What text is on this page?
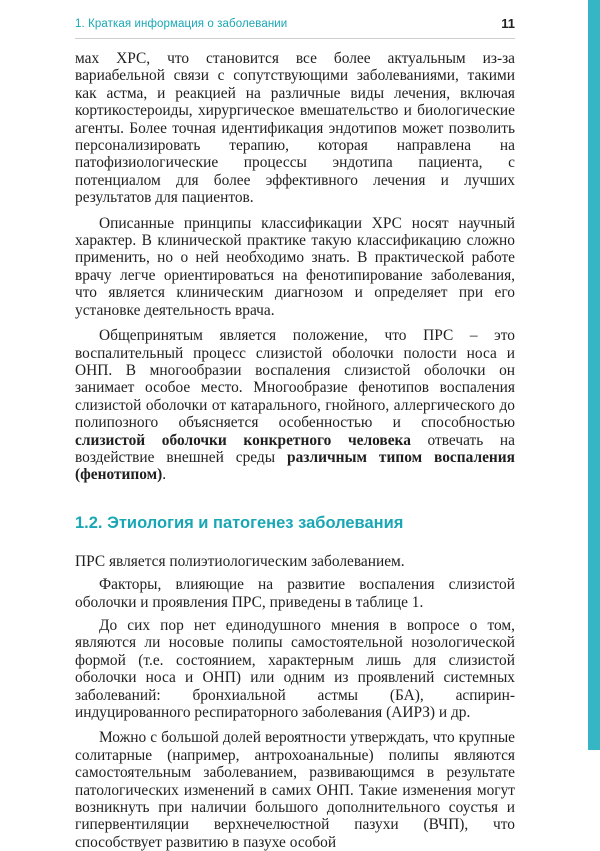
1. Краткая информация о заболевании	11

мах ХРС, что становится все более актуальным из-за вариабельной связи с сопутствующими заболеваниями, такими как астма, и реакцией на различные виды лечения, включая кортикостероиды, хирургическое вмешательство и биологические агенты. Более точная идентификация эндотипов может позволить персонализировать терапию, которая направлена на патофизиологические процессы эндотипа пациента, с потенциалом для более эффективного лечения и лучших результатов для пациентов.

Описанные принципы классификации ХРС носят научный характер. В клинической практике такую классификацию сложно применить, но о ней необходимо знать. В практической работе врачу легче ориентироваться на фенотипирование заболевания, что является клиническим диагнозом и определяет при его установке деятельность врача.

Общепринятым является положение, что ПРС – это воспалительный процесс слизистой оболочки полости носа и ОНП. В многообразии воспаления слизистой оболочки он занимает особое место. Многообразие фенотипов воспаления слизистой оболочки от катарального, гнойного, аллергического до полипозного объясняется особенностью и способностью слизистой оболочки конкретного человека отвечать на воздействие внешней среды различным типом воспаления (фенотипом).

1.2. Этиология и патогенез заболевания

ПРС является полиэтиологическим заболеванием.

Факторы, влияющие на развитие воспаления слизистой оболочки и проявления ПРС, приведены в таблице 1.

До сих пор нет единодушного мнения в вопросе о том, являются ли носовые полипы самостоятельной нозологической формой (т.е. состоянием, характерным лишь для слизистой оболочки носа и ОНП) или одним из проявлений системных заболеваний: бронхиальной астмы (БА), аспирин-индуцированного респираторного заболевания (АИРЗ) и др.

Можно с большой долей вероятности утверждать, что крупные солитарные (например, антрохоанальные) полипы являются самостоятельным заболеванием, развивающимся в результате патологических изменений в самих ОНП. Такие изменения могут возникнуть при наличии большого дополнительного соустья и гипервентиляции верхнечелюстной пазухи (ВЧП), что способствует развитию в пазухе особой
